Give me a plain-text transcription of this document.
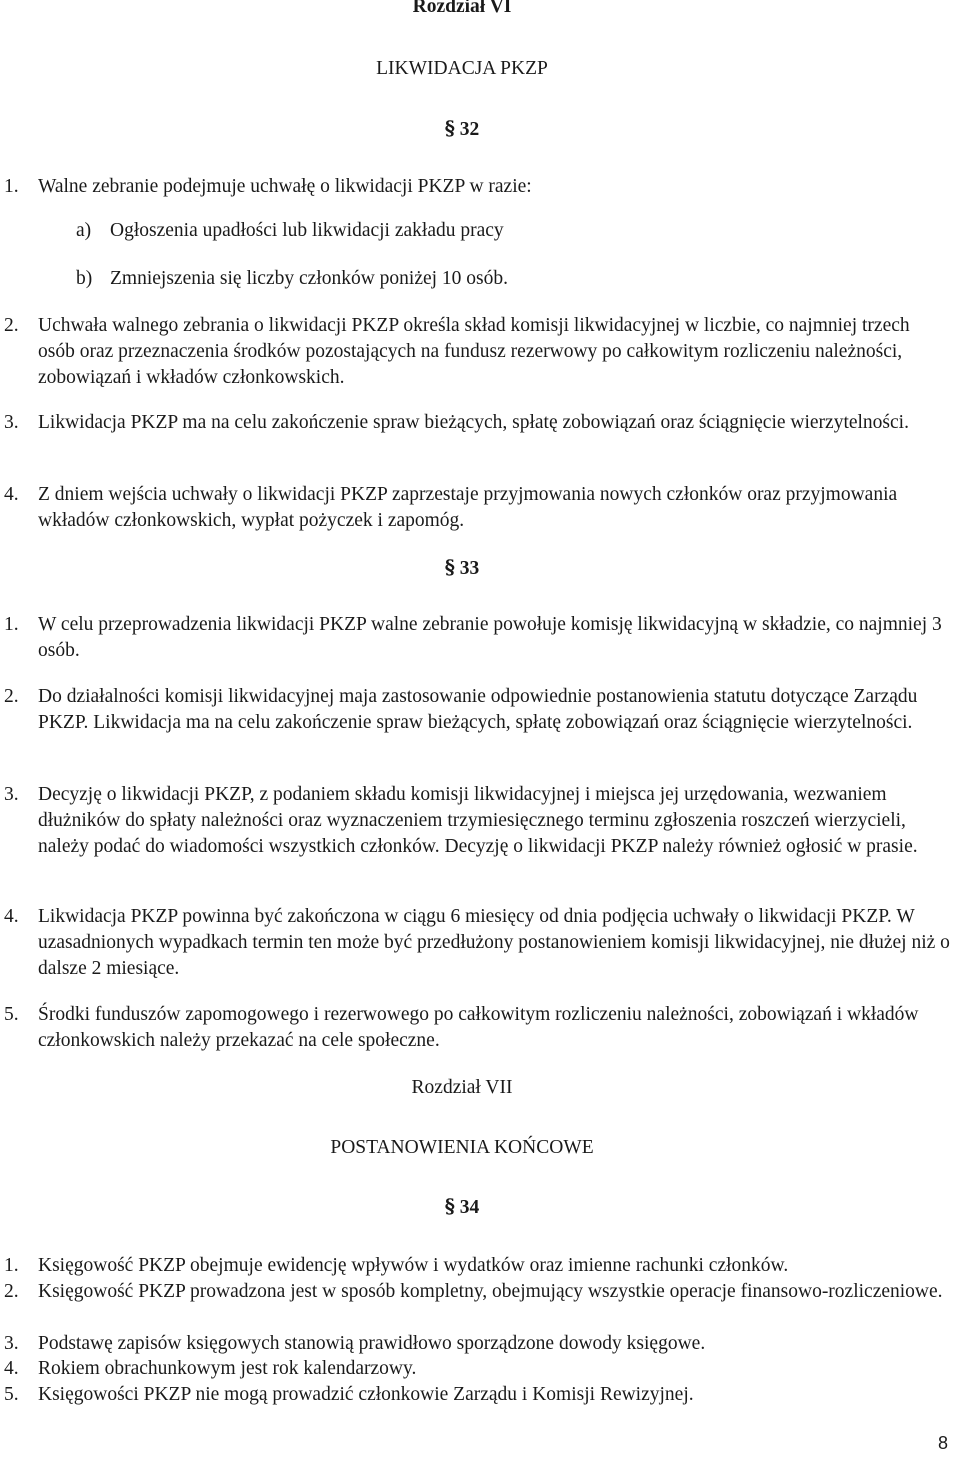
Rozdział VI
LIKWIDACJA PKZP
§ 32
1. Walne zebranie podejmuje uchwałę o likwidacji PKZP w razie:
a) Ogłoszenia upadłości lub likwidacji zakładu pracy
b) Zmniejszenia się liczby członków poniżej 10 osób.
2. Uchwała walnego zebrania o likwidacji PKZP określa skład komisji likwidacyjnej w liczbie, co najmniej trzech osób oraz przeznaczenia środków pozostających na fundusz rezerwowy po całkowitym rozliczeniu należności, zobowiązań i wkładów członkowskich.
3. Likwidacja PKZP ma na celu zakończenie spraw bieżących, spłatę zobowiązań oraz ściągnięcie wierzytelności.
4. Z dniem wejścia uchwały o likwidacji PKZP zaprzestaje przyjmowania nowych członków oraz przyjmowania wkładów członkowskich, wypłat pożyczek i zapomóg.
§ 33
1. W celu przeprowadzenia likwidacji PKZP walne zebranie powołuje komisję likwidacyjną w składzie, co najmniej 3 osób.
2. Do działalności komisji likwidacyjnej maja zastosowanie odpowiednie postanowienia statutu dotyczące Zarządu PKZP. Likwidacja ma na celu zakończenie spraw bieżących, spłatę zobowiązań oraz ściągnięcie wierzytelności.
3. Decyzję o likwidacji PKZP, z podaniem składu komisji likwidacyjnej i miejsca jej urzędowania, wezwaniem dłużników do spłaty należności oraz wyznaczeniem trzymiesięcznego terminu zgłoszenia roszczeń wierzycieli, należy podać do wiadomości wszystkich członków. Decyzję o likwidacji PKZP należy również ogłosić w prasie.
4. Likwidacja PKZP powinna być zakończona w ciągu 6 miesięcy od dnia podjęcia uchwały o likwidacji PKZP. W uzasadnionych wypadkach termin ten może być przedłużony postanowieniem komisji likwidacyjnej, nie dłużej niż o dalsze 2 miesiące.
5. Środki funduszów zapomogowego i rezerwowego po całkowitym rozliczeniu należności, zobowiązań i wkładów członkowskich należy przekazać na cele społeczne.
Rozdział VII
POSTANOWIENIA KOŃCOWE
§ 34
1. Księgowość PKZP obejmuje ewidencję wpływów i wydatków oraz imienne rachunki członków.
2. Księgowość PKZP prowadzona jest w sposób kompletny, obejmujący wszystkie operacje finansowo-rozliczeniowe.
3. Podstawę zapisów księgowych stanowią prawidłowo sporządzone dowody księgowe.
4. Rokiem obrachunkowym jest rok kalendarzowy.
5. Księgowości PKZP nie mogą prowadzić członkowie Zarządu i Komisji Rewizyjnej.
8
